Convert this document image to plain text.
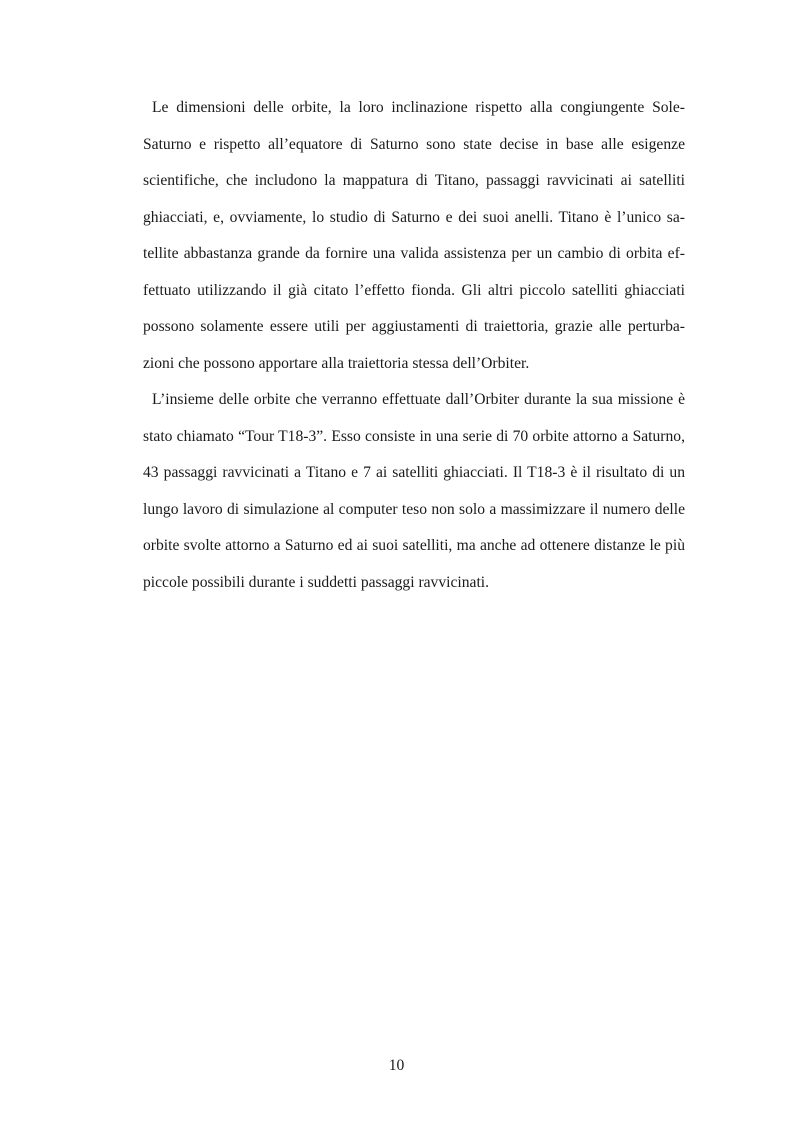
Le dimensioni delle orbite, la loro inclinazione rispetto alla congiungente Sole-Saturno e rispetto all’equatore di Saturno sono state decise in base alle esigenze scientifiche, che includono la mappatura di Titano, passaggi ravvicinati ai satelliti ghiacciati, e, ovviamente, lo studio di Saturno e dei suoi anelli. Titano è l’unico satellite abbastanza grande da fornire una valida assistenza per un cambio di orbita effettuato utilizzando il già citato l’effetto fionda. Gli altri piccolo satelliti ghiacciati possono solamente essere utili per aggiustamenti di traiettoria, grazie alle perturbazioni che possono apportare alla traiettoria stessa dell’Orbiter.

L’insieme delle orbite che verranno effettuate dall’Orbiter durante la sua missione è stato chiamato “Tour T18-3”. Esso consiste in una serie di 70 orbite attorno a Saturno, 43 passaggi ravvicinati a Titano e 7 ai satelliti ghiacciati. Il T18-3 è il risultato di un lungo lavoro di simulazione al computer teso non solo a massimizzare il numero delle orbite svolte attorno a Saturno ed ai suoi satelliti, ma anche ad ottenere distanze le più piccole possibili durante i suddetti passaggi ravvicinati.

10
